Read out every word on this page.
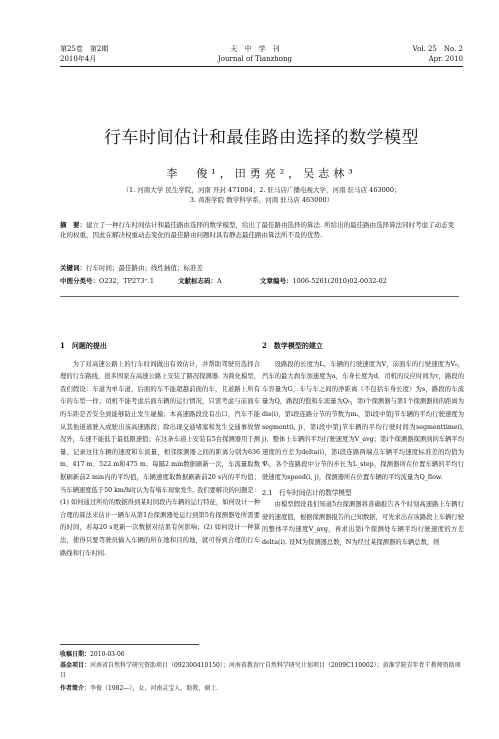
第25卷　第2期
2010年4月
天　中　学　刊
Journal of Tianzhong
Vol. 25　No. 2
Apr. 2010
行车时间估计和最佳路由选择的数学模型
李　俊¹，田勇亮²，吴志林³
（1. 河南大学 民生学院，河南 开封 471004；2. 驻马店广播电视大学，河南 驻马店 463000；
3. 黄淮学院 数学科学系，河南 驻马店 463000）
摘　要：建立了一种行车时间估计和最佳路由选择的数学模型，给出了最佳路由选择的算法. 所给出的最佳路由选择算法同时考虑了动态变化的权重，因此在解决权重动态变化的最佳路由问题时具有静态最佳路由算法所不及的优势.
关键词：行车时间；最佳路由；线性插值；标准差
中图分类号：O232，TP273⁺.1	文献标志码：A	文章编号：1006-5261(2010)02-0032-02
1　问题的提出

为了对高速公路上的行车时间做出有效估计，并帮助驾驶员选择合理的行车路线，很多国家在高速公路上安装了路况探测器. 为简化模型，我们假设：车道为单车道，后面的车不能超越前面的车，且道路上所有车的车型一样；司机不能考虑后面车辆的运行情况，只需考虑与前面车的车距是否安全到能够防止发生碰撞；本高速路段没有出口，汽车不能从其他道道驶入或驶出该高速路段；除出现交通堵塞和发生交通事故情况外，车速不能低于最低限速值；在这条车道上安装有5台探测器用于测量、记录这往车辆的速度和车流量，相邻探测器之间的距离分别为636 m、417 m、522 m和475 m；每隔2 min数据刷新一次，车流量取数据刷新前2 min内的平均值，车辆速度取数据刷新前20 s内的平均值；当车辆速度低于50 km/h时认为有堵车现象发生. 我们要解决的问题是：(1) 如何通过所给的数据得到某时间段内车辆的运行特征，如何设计一种合理的算法来估计一辆车从第1台探测器处运行到第5台探测器处所需要的时间，若每20 s更新一次数据对结果有何影响；(2) 如何设计一种算法，使得只要驾驶员输入车辆的所在地和目的地，就可得到合理的行车路线和行车时间.

2　数学模型的建立

设路段的长度为L，车辆的行驶速度为V，前面车的行驶速度为V₀，汽车的最大刹车加速度为a，车身长度为d，司机的反应时间为τ，路段的车容量为G，车与车之间的净距离（不包括车身长度）为s，路段的车流量为Q，路段的饱和车流量为Q₀，第i个探测器与第1个探测器间的距离为dis(i)，第i段连路分节的节数为mᵢ，第i段中第j节车辆的平均行驶速度为segment(i, j)，第i段中第j节车辆的平均行驶时间为segmenttime(i, j)，整体上车辆的平均行驶速度为V_avg；第i个探测器探测到的车辆平均速度的方差为delta(i)，第i段连路两端点车辆平均速度标准差的均值为Ψᵢ，各个连路段中分节的步长为L_step，探测器所在位置车辆的平均行驶速度为speed(i, j)，探测器所在位置车辆的平均流量为Q_flow.

2.1　行车时间估计的数学模型

由模型假设我们知道5台探测器将准确报告各个时刻高速路上车辆行驶的速度值，根据探测器报告的已知数据，可先求出在该路段上车辆行驶的整体平均速度V_avg，再求出第i个探测处车辆平均行驶速度的方差delta(i). 设M为探测器总数，N为经过某探测器的车辆总数，则

收稿日期：2010-03-06
基金项目：河南省自然科学研究资助项目（092300410150）；河南省教育厅自然科学研究计划项目（2009C110002）；黄淮学院青年骨干教师资助项目
作者简介：李俊（1982—），女，河南灵宝人，助教，硕士.
